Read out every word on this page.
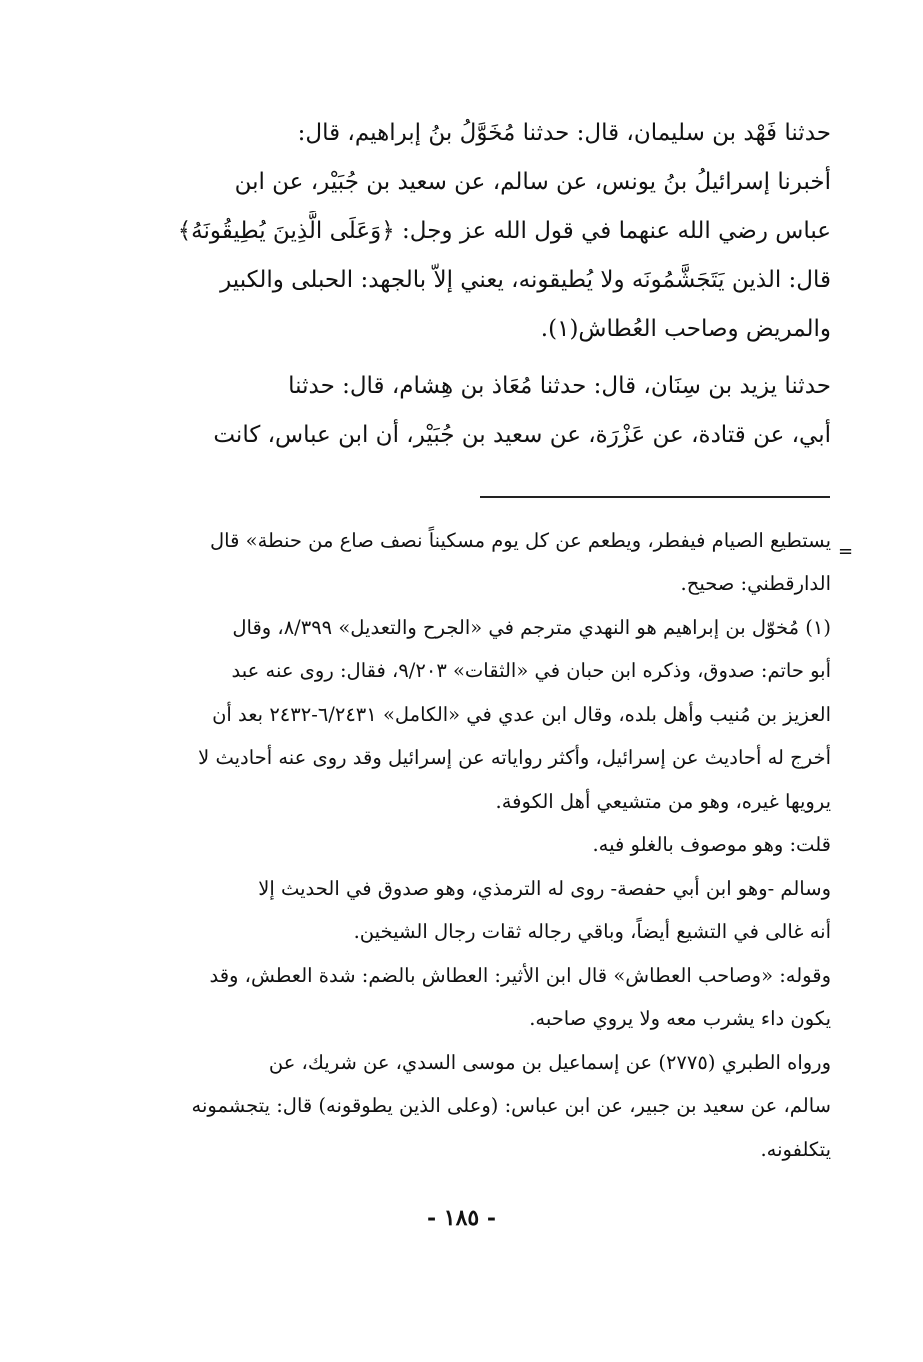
حدثنا فَهْد بن سليمان، قال: حدثنا مُخَوَّلُ بنُ إبراهيم، قال:
أخبرنا إسرائيلُ بنُ يونس، عن سالم، عن سعيد بن جُبَيْر، عن ابن
عباس رضي الله عنهما في قول الله عز وجل: ﴿وَعَلَى الَّذِينَ يُطِيقُونَهُ﴾
قال: الذين يَتَجَشَّمُونَه ولا يُطيقونه، يعني إلاّ بالجهد: الحبلى والكبير
والمريض وصاحب العُطاش(١).
حدثنا يزيد بن سِنَان، قال: حدثنا مُعَاذ بن هِشام، قال: حدثنا
أبي، عن قتادة، عن عَزْرَة، عن سعيد بن جُبَيْر، أن ابن عباس، كانت
=
يستطيع الصيام فيفطر، ويطعم عن كل يوم مسكيناً نصف صاع من حنطة» قال
الدارقطني: صحيح.
(١) مُخوّل بن إبراهيم هو النهدي مترجم في «الجرح والتعديل» ٨/٣٩٩، وقال
أبو حاتم: صدوق، وذكره ابن حبان في «الثقات» ٩/٢٠٣، فقال: روى عنه عبد
العزيز بن مُنيب وأهل بلده، وقال ابن عدي في «الكامل» ٦/٢٤٣١-٢٤٣٢ بعد أن
أخرج له أحاديث عن إسرائيل، وأكثر رواياته عن إسرائيل وقد روى عنه أحاديث لا
يرويها غيره، وهو من متشيعي أهل الكوفة.
قلت: وهو موصوف بالغلو فيه.
وسالم -وهو ابن أبي حفصة- روى له الترمذي، وهو صدوق في الحديث إلا
أنه غالى في التشيع أيضاً، وباقي رجاله ثقات رجال الشيخين.
وقوله: «وصاحب العطاش» قال ابن الأثير: العطاش بالضم: شدة العطش، وقد
يكون داء يشرب معه ولا يروي صاحبه.
ورواه الطبري (٢٧٧٥) عن إسماعيل بن موسى السدي، عن شريك، عن
سالم، عن سعيد بن جبير، عن ابن عباس: (وعلى الذين يطوقونه) قال: يتجشمونه
يتكلفونه.
- ١٨٥ -
